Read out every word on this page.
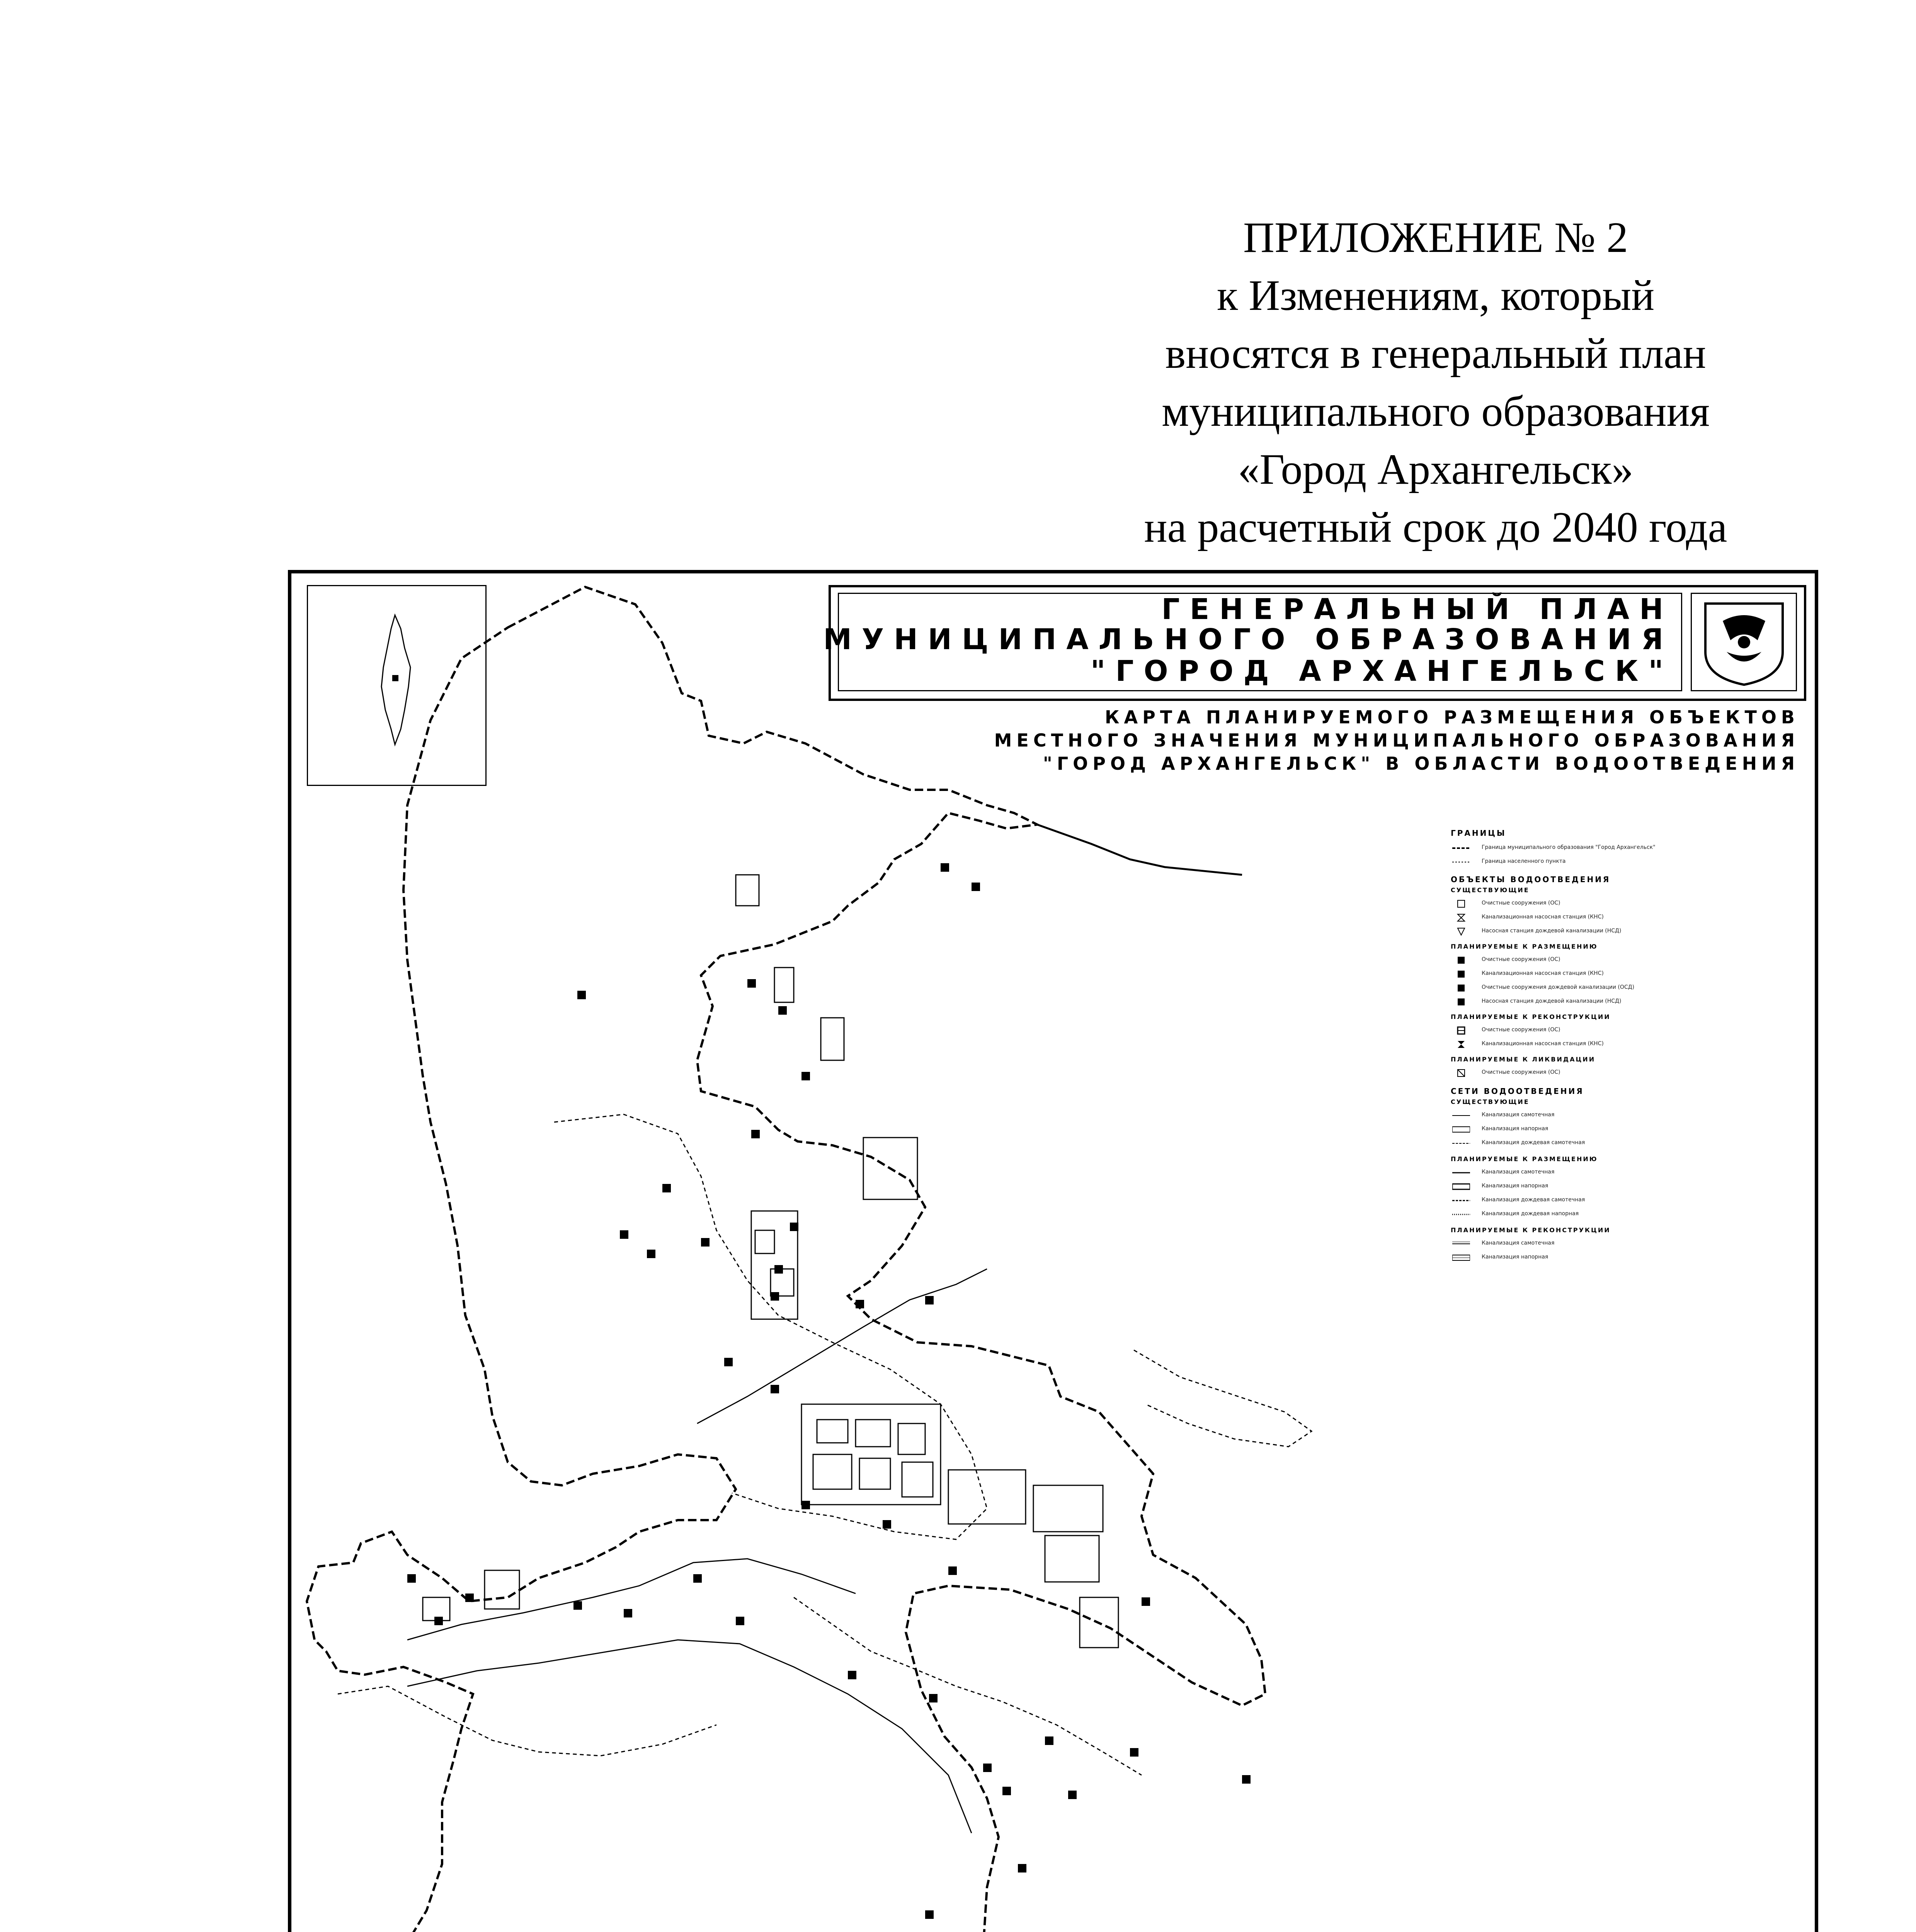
ПРИЛОЖЕНИЕ № 2
к Изменениям, который
вносятся в генеральный план
муниципального образования
«Город Архангельск»
на расчетный срок до 2040 года
ГЕНЕРАЛЬНЫЙ ПЛАН
МУНИЦИПАЛЬНОГО ОБРАЗОВАНИЯ
"ГОРОД АРХАНГЕЛЬСК"
КАРТА ПЛАНИРУЕМОГО РАЗМЕЩЕНИЯ ОБЪЕКТОВ
МЕСТНОГО ЗНАЧЕНИЯ МУНИЦИПАЛЬНОГО ОБРАЗОВАНИЯ
"ГОРОД АРХАНГЕЛЬСК" В ОБЛАСТИ ВОДООТВЕДЕНИЯ
ГРАНИЦЫ
Граница муниципального образования "Город Архангельск"
Граница населенного пункта
ОБЪЕКТЫ ВОДООТВЕДЕНИЯ
СУЩЕСТВУЮЩИЕ
Очистные сооружения (ОС)
Канализационная насосная станция (КНС)
Насосная станция дождевой канализации (НСД)
ПЛАНИРУЕМЫЕ К РАЗМЕЩЕНИЮ
Очистные сооружения (ОС)
Канализационная насосная станция (КНС)
Очистные сооружения дождевой канализации (ОСД)
Насосная станция дождевой канализации (НСД)
ПЛАНИРУЕМЫЕ К РЕКОНСТРУКЦИИ
Очистные сооружения (ОС)
Канализационная насосная станция (КНС)
ПЛАНИРУЕМЫЕ К ЛИКВИДАЦИИ
Очистные сооружения (ОС)
СЕТИ ВОДООТВЕДЕНИЯ
СУЩЕСТВУЮЩИЕ
Канализация самотечная
Канализация напорная
Канализация дождевая самотечная
ПЛАНИРУЕМЫЕ К РАЗМЕЩЕНИЮ
Канализация самотечная
Канализация напорная
Канализация дождевая самотечная
Канализация дождевая напорная
ПЛАНИРУЕМЫЕ К РЕКОНСТРУКЦИИ
Канализация самотечная
Канализация напорная
